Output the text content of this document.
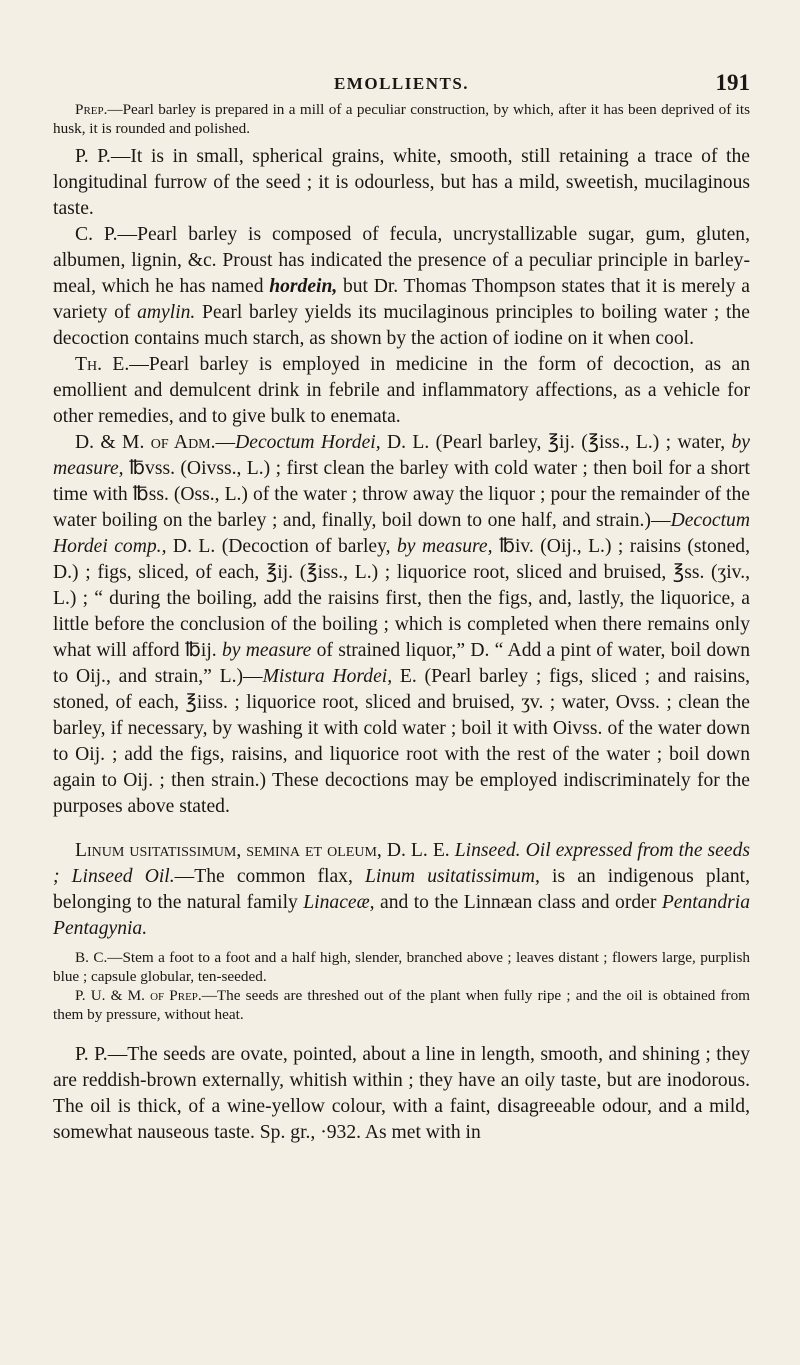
EMOLLIENTS.	191

Prep.—Pearl barley is prepared in a mill of a peculiar construction, by which, after it has been deprived of its husk, it is rounded and polished.

P. P.—It is in small, spherical grains, white, smooth, still retaining a trace of the longitudinal furrow of the seed ; it is odourless, but has a mild, sweetish, mucilaginous taste.

C. P.—Pearl barley is composed of fecula, uncrystallizable sugar, gum, gluten, albumen, lignin, &c. Proust has indicated the presence of a peculiar principle in barley-meal, which he has named hordein, but Dr. Thomas Thompson states that it is merely a variety of amylin. Pearl barley yields its mucilaginous principles to boiling water ; the decoction contains much starch, as shown by the action of iodine on it when cool.

Th. E.—Pearl barley is employed in medicine in the form of decoction, as an emollient and demulcent drink in febrile and inflammatory affections, as a vehicle for other remedies, and to give bulk to enemata.

D. & M. of Adm.—Decoctum Hordei, D. L. (Pearl barley, ℥ij. (℥iss., L.) ; water, by measure, ℔vss. (Oivss., L.) ; first clean the barley with cold water ; then boil for a short time with ℔ss. (Oss., L.) of the water ; throw away the liquor ; pour the remainder of the water boiling on the barley ; and, finally, boil down to one half, and strain.)—Decoctum Hordei comp., D. L. (Decoction of barley, by measure, ℔iv. (Oij., L.) ; raisins (stoned, D.) ; figs, sliced, of each, ℥ij. (℥iss., L.) ; liquorice root, sliced and bruised, ℥ss. (ʒiv., L.) ; “ during the boiling, add the raisins first, then the figs, and, lastly, the liquorice, a little before the conclusion of the boiling ; which is completed when there remains only what will afford ℔ij. by measure of strained liquor,” D. “ Add a pint of water, boil down to Oij., and strain,” L.)—Mistura Hordei, E. (Pearl barley ; figs, sliced ; and raisins, stoned, of each, ℥iiss. ; liquorice root, sliced and bruised, ʒv. ; water, Ovss. ; clean the barley, if necessary, by washing it with cold water ; boil it with Oivss. of the water down to Oij. ; add the figs, raisins, and liquorice root with the rest of the water ; boil down again to Oij. ; then strain.) These decoctions may be employed indiscriminately for the purposes above stated.

Linum usitatissimum, semina et oleum, D. L. E. Linseed. Oil expressed from the seeds ; Linseed Oil.—The common flax, Linum usitatissimum, is an indigenous plant, belonging to the natural family Linaceæ, and to the Linnæan class and order Pentandria Pentagynia.

B. C.—Stem a foot to a foot and a half high, slender, branched above ; leaves distant ; flowers large, purplish blue ; capsule globular, ten-seeded.

P. U. & M. of Prep.—The seeds are threshed out of the plant when fully ripe ; and the oil is obtained from them by pressure, without heat.

P. P.—The seeds are ovate, pointed, about a line in length, smooth, and shining ; they are reddish-brown externally, whitish within ; they have an oily taste, but are inodorous. The oil is thick, of a wine-yellow colour, with a faint, disagreeable odour, and a mild, somewhat nauseous taste. Sp. gr., ·932. As met with in
